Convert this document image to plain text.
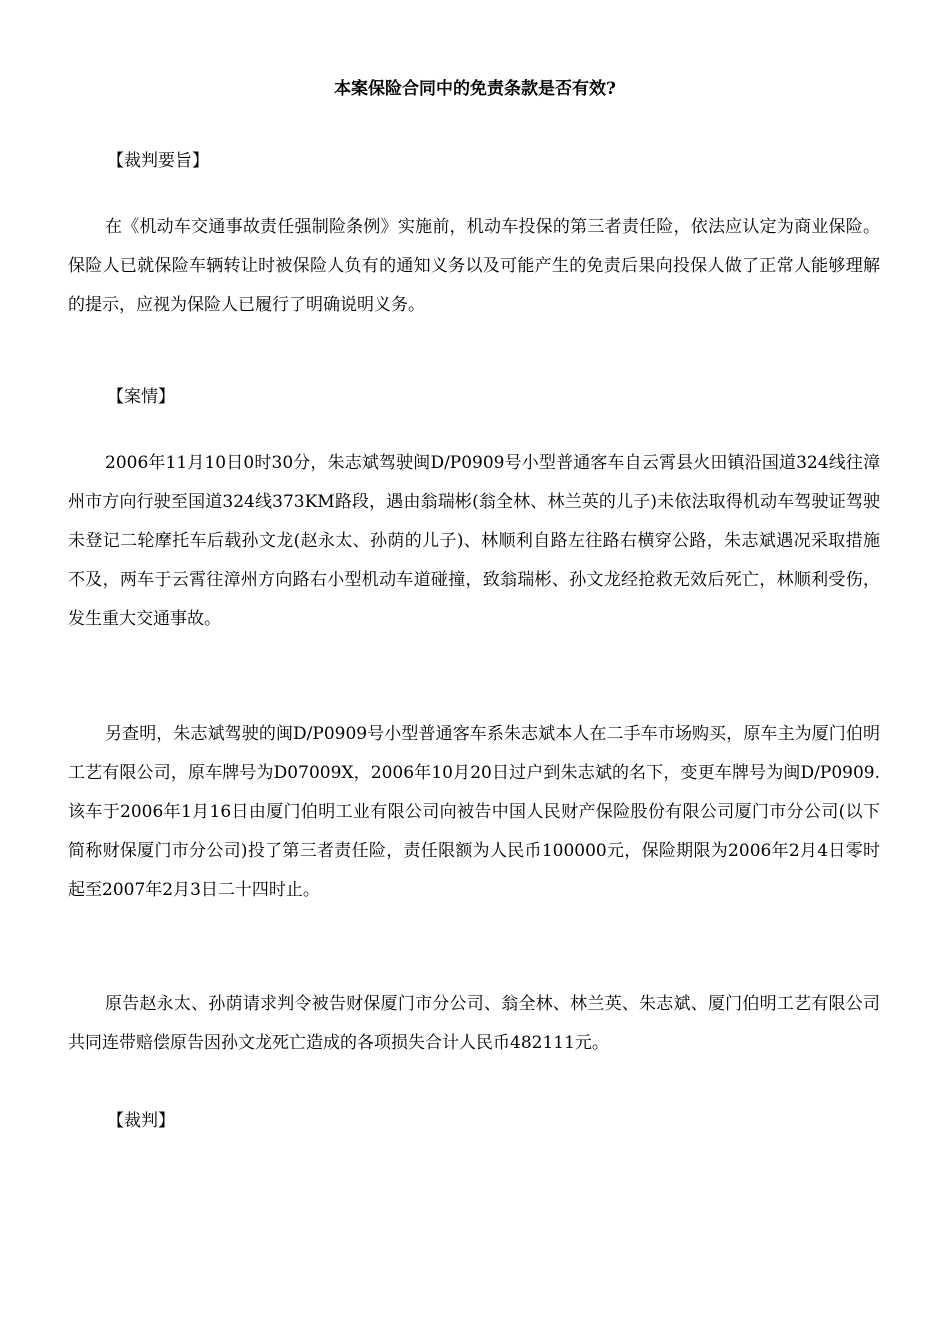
本案保险合同中的免责条款是否有效?

【裁判要旨】

在《机动车交通事故责任强制险条例》实施前，机动车投保的第三者责任险，依法应认定为商业保险。保险人已就保险车辆转让时被保险人负有的通知义务以及可能产生的免责后果向投保人做了正常人能够理解的提示，应视为保险人已履行了明确说明义务。

【案情】

2006年11月10日0时30分，朱志斌驾驶闽D/P0909号小型普通客车自云霄县火田镇沿国道324线往漳州市方向行驶至国道324线373KM路段，遇由翁瑞彬(翁全林、林兰英的儿子)未依法取得机动车驾驶证驾驶未登记二轮摩托车后载孙文龙(赵永太、孙荫的儿子)、林顺利自路左往路右横穿公路，朱志斌遇况采取措施不及，两车于云霄往漳州方向路右小型机动车道碰撞，致翁瑞彬、孙文龙经抢救无效后死亡，林顺利受伤，发生重大交通事故。

另查明，朱志斌驾驶的闽D/P0909号小型普通客车系朱志斌本人在二手车市场购买，原车主为厦门伯明工艺有限公司，原车牌号为D07009X，2006年10月20日过户到朱志斌的名下，变更车牌号为闽D/P0909.该车于2006年1月16日由厦门伯明工业有限公司向被告中国人民财产保险股份有限公司厦门市分公司(以下简称财保厦门市分公司)投了第三者责任险，责任限额为人民币100000元，保险期限为2006年2月4日零时起至2007年2月3日二十四时止。

原告赵永太、孙荫请求判令被告财保厦门市分公司、翁全林、林兰英、朱志斌、厦门伯明工艺有限公司共同连带赔偿原告因孙文龙死亡造成的各项损失合计人民币482111元。

【裁判】
